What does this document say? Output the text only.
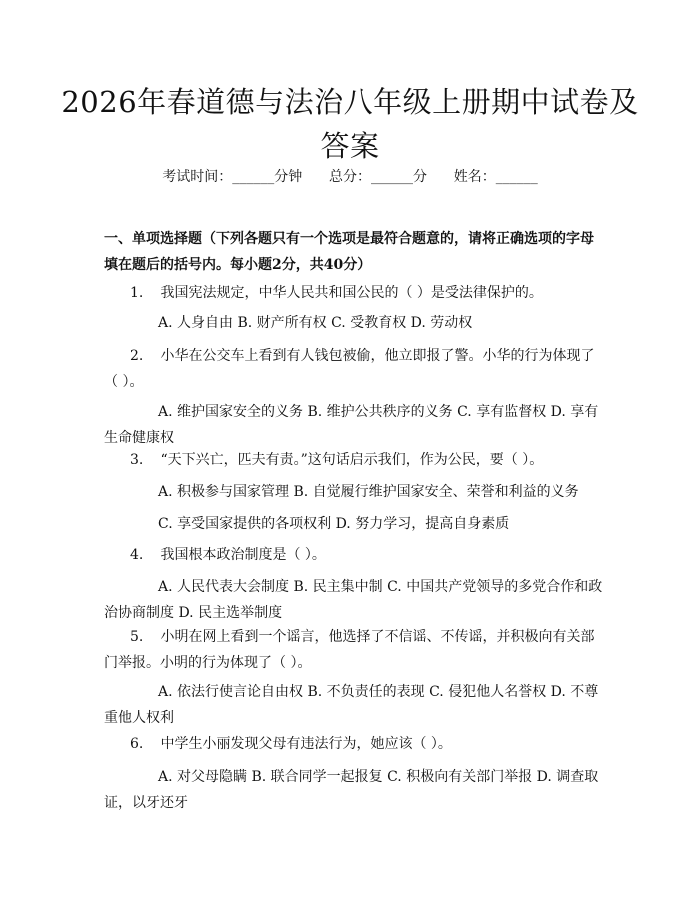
2026年春道德与法治八年级上册期中试卷及答案
考试时间：______分钟      总分：______分      姓名：______
一、单项选择题（下列各题只有一个选项是最符合题意的，请将正确选项的字母填在题后的括号内。每小题2分，共40分）
1. 我国宪法规定，中华人民共和国公民的（ ）是受法律保护的。
A. 人身自由 B. 财产所有权 C. 受教育权 D. 劳动权
2. 小华在公交车上看到有人钱包被偷，他立即报了警。小华的行为体现了（ ）。
A. 维护国家安全的义务 B. 维护公共秩序的义务 C. 享有监督权 D. 享有生命健康权
3. “天下兴亡，匹夫有责。”这句话启示我们，作为公民，要（ ）。
A. 积极参与国家管理 B. 自觉履行维护国家安全、荣誉和利益的义务
C. 享受国家提供的各项权利 D. 努力学习，提高自身素质
4. 我国根本政治制度是（ ）。
A. 人民代表大会制度 B. 民主集中制 C. 中国共产党领导的多党合作和政治协商制度 D. 民主选举制度
5. 小明在网上看到一个谣言，他选择了不信谣、不传谣，并积极向有关部门举报。小明的行为体现了（ ）。
A. 依法行使言论自由权 B. 不负责任的表现 C. 侵犯他人名誉权 D. 不尊重他人权利
6. 中学生小丽发现父母有违法行为，她应该（ ）。
A. 对父母隐瞒 B. 联合同学一起报复 C. 积极向有关部门举报 D. 调查取证，以牙还牙
